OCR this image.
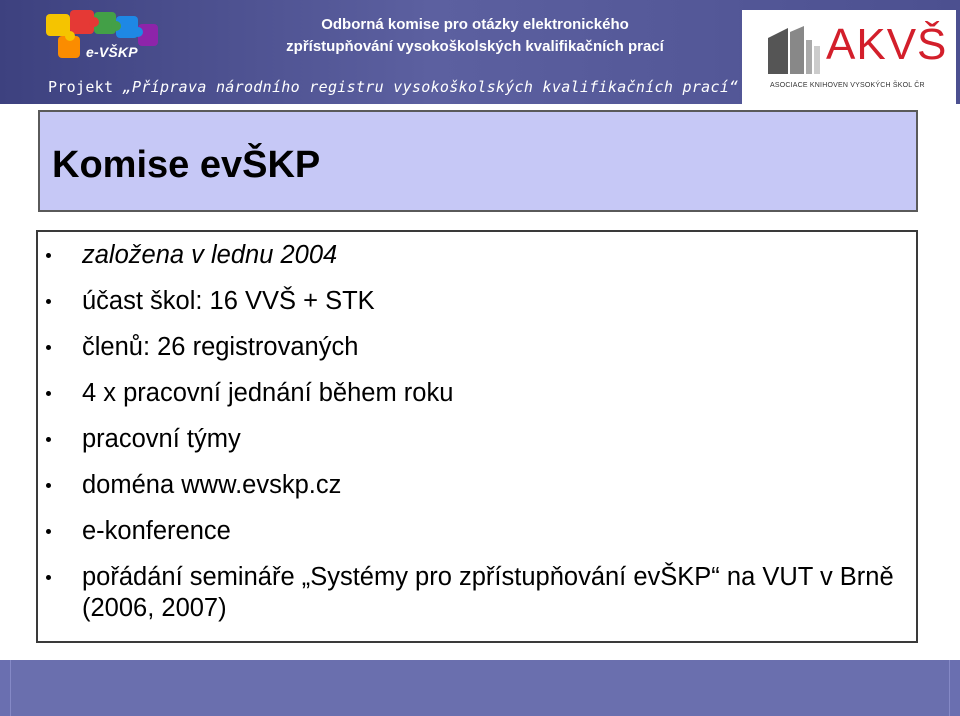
e-VŠKP
Odborná komise pro otázky elektronického
zpřístupňování vysokoškolských kvalifikačních prací
Projekt „Příprava národního registru vysokoškolských kvalifikačních prací“
AKVŠ
ASOCIACE KNIHOVEN VYSOKÝCH ŠKOL ČR
Komise evŠKP
založena v lednu 2004
účast škol: 16 VVŠ + STK
členů: 26 registrovaných
4 x pracovní jednání během roku
pracovní týmy
doména www.evskp.cz
e-konference
pořádání semináře „Systémy pro zpřístupňování evŠKP“ na VUT v Brně (2006, 2007)
